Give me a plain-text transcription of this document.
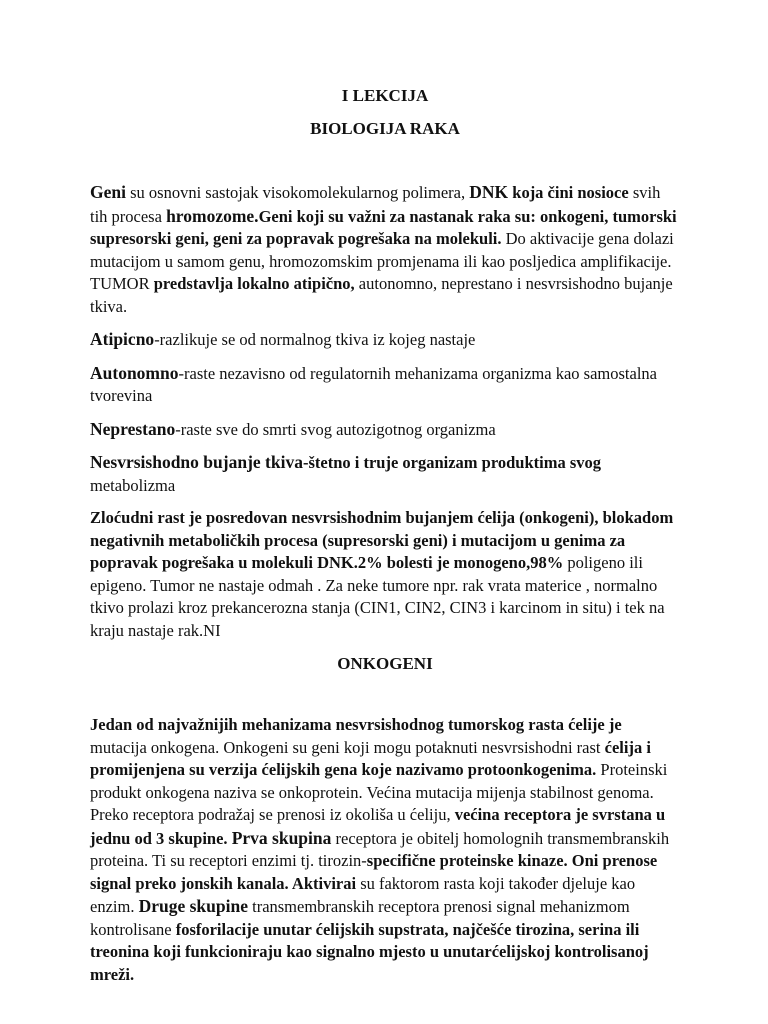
I LEKCIJA
BIOLOGIJA RAKA

Geni su osnovni sastojak visokomolekularnog polimera, DNK koja čini nosioce svih tih procesa hromozome.Geni koji su važni za nastanak raka su: onkogeni, tumorski supresorski geni, geni za popravak pogrešaka na molekuli. Do aktivacije gena dolazi mutacijom u samom genu, hromozomskim promjenama ili kao posljedica amplifikacije. TUMOR predstavlja lokalno atipično, autonomno, neprestano i nesvrsishodno bujanje tkiva.

Atipicno-razlikuje se od normalnog tkiva iz kojeg nastaje

Autonomno-raste nezavisno od regulatornih mehanizama organizma kao samostalna tvorevina

Neprestano-raste sve do smrti svog autozigotnog organizma

Nesvrsishodno bujanje tkiva-štetno i truje organizam produktima svog metabolizma

Zloćudni rast je posredovan nesvrsishodnim bujanjem ćelija (onkogeni), blokadom negativnih metaboličkih procesa (supresorski geni) i mutacijom u genima za popravak pogrešaka u molekuli DNK.2% bolesti je monogeno,98% poligeno ili epigeno. Tumor ne nastaje odmah . Za neke tumore npr. rak vrata materice , normalno tkivo prolazi kroz prekancerozna stanja (CIN1, CIN2, CIN3 i karcinom in situ) i tek na kraju nastaje rak.NI

ONKOGENI

Jedan od najvažnijih mehanizama nesvrsishodnog tumorskog rasta ćelije je mutacija onkogena. Onkogeni su geni koji mogu potaknuti nesvrsishodni rast ćelija i promijenjena su verzija ćelijskih gena koje nazivamo protoonkogenima. Proteinski produkt onkogena naziva se onkoprotein. Većina mutacija mijenja stabilnost genoma. Preko receptora podražaj se prenosi iz okoliša u ćeliju, većina receptora je svrstana u jednu od 3 skupine. Prva skupina receptora je obitelj homolognih transmembranskih proteina. Ti su receptori enzimi tj. tirozin-specifične proteinske kinaze. Oni prenose signal preko jonskih kanala. Aktivirai su faktorom rasta koji također djeluje kao enzim. Druge skupine transmembranskih receptora prenosi signal mehanizmom kontrolisane fosforilacije unutar ćelijskih supstrata, najčešće tirozina, serina ili treonina koji funkcioniraju kao signalno mjesto u unutarćelijskoj kontrolisanoj mreži.
